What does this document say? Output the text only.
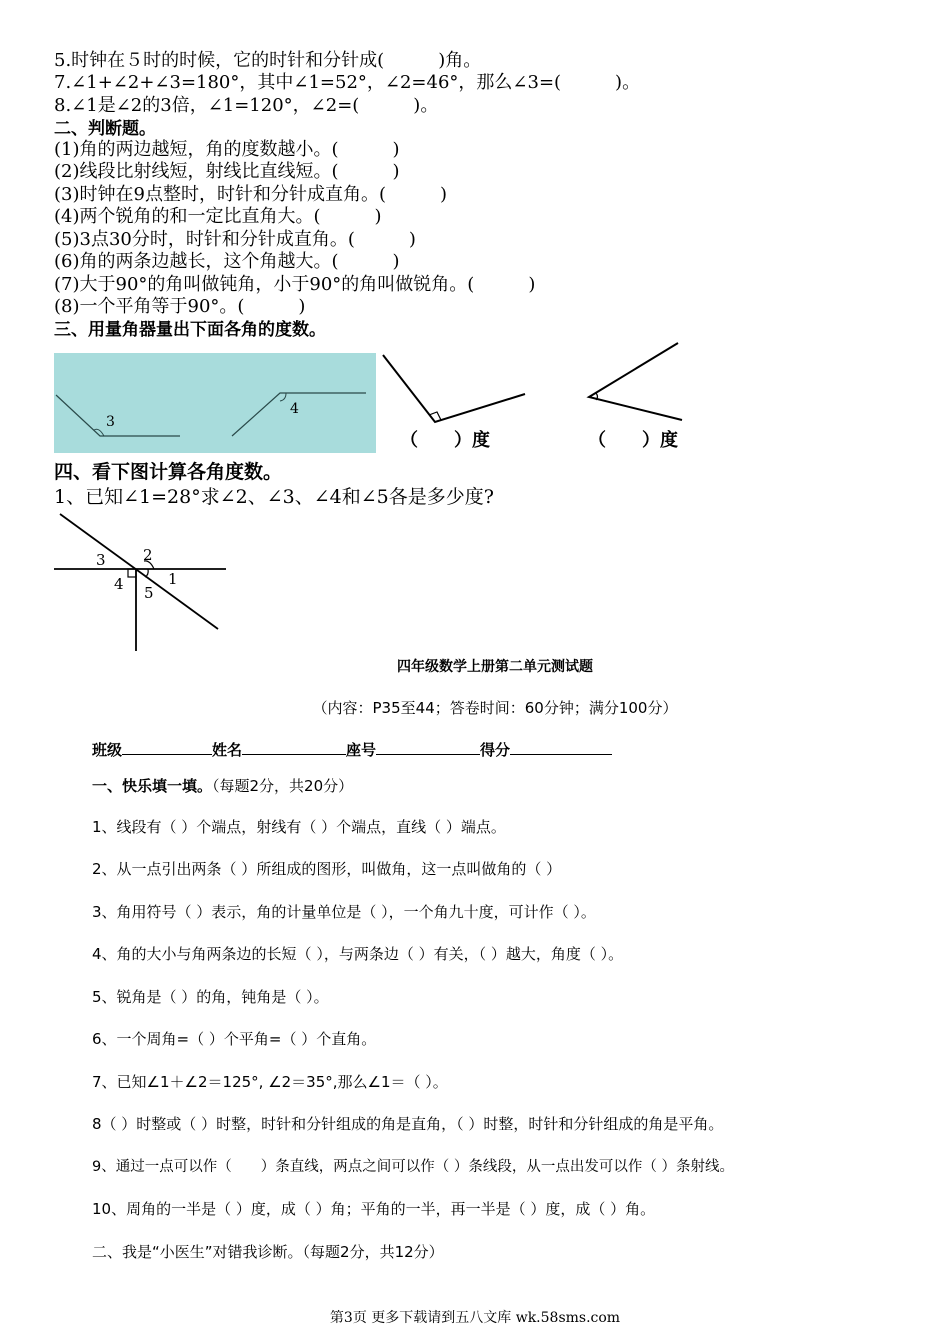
5.时钟在５时的时候，它的时针和分针成(　　　)角。
7.∠1+∠2+∠3=180°，其中∠1=52°，∠2=46°，那么∠3=(　　　)。
8.∠1是∠2的3倍，∠1=120°，∠2=(　　　)。
二、判断题。
(1)角的两边越短，角的度数越小。(　　　)
(2)线段比射线短，射线比直线短。(　　　)
(3)时钟在9点整时，时针和分针成直角。(　　　)
(4)两个锐角的和一定比直角大。(　　　)
(5)3点30分时，时针和分针成直角。(　　　)
(6)角的两条边越长，这个角越大。(　　　)
(7)大于90°的角叫做钝角，小于90°的角叫做锐角。(　　　)
(8)一个平角等于90°。(　　　)
三、用量角器量出下面各角的度数。
3
4
（　　）度	（　　）度
四、看下图计算各角度数。
1、已知∠1=28°求∠2、∠3、∠4和∠5各是多少度?
3 2
4	1
5
四年级数学上册第二单元测试题
（内容：P35至44；答卷时间：60分钟；满分100分）
班级	姓名	座号	得分
一、快乐填一填。（每题2分，共20分）
1、线段有（ ）个端点，射线有（ ）个端点，直线（ ）端点。
2、从一点引出两条（ ）所组成的图形，叫做角，这一点叫做角的（ ）
3、角用符号（ ）表示，角的计量单位是（ ），一个角九十度，可计作（ ）。
4、角的大小与角两条边的长短（ ），与两条边（ ）有关，（ ）越大，角度（ ）。
5、锐角是（ ）的角，钝角是（ ）。
6、一个周角=（ ）个平角=（ ）个直角。
7、已知∠1＋∠2＝125°, ∠2＝35°,那么∠1＝（ ）。
8（ ）时整或（ ）时整，时针和分针组成的角是直角，（ ）时整，时针和分针组成的角是平角。
9、通过一点可以作（　　）条直线，两点之间可以作（ ）条线段，从一点出发可以作（ ）条射线。
10、周角的一半是（ ）度，成（ ）角；平角的一半，再一半是（ ）度，成（ ）角。
二、我是“小医生”对错我诊断。（每题2分，共12分）
第3页 更多下载请到五八文库 wk.58sms.com
